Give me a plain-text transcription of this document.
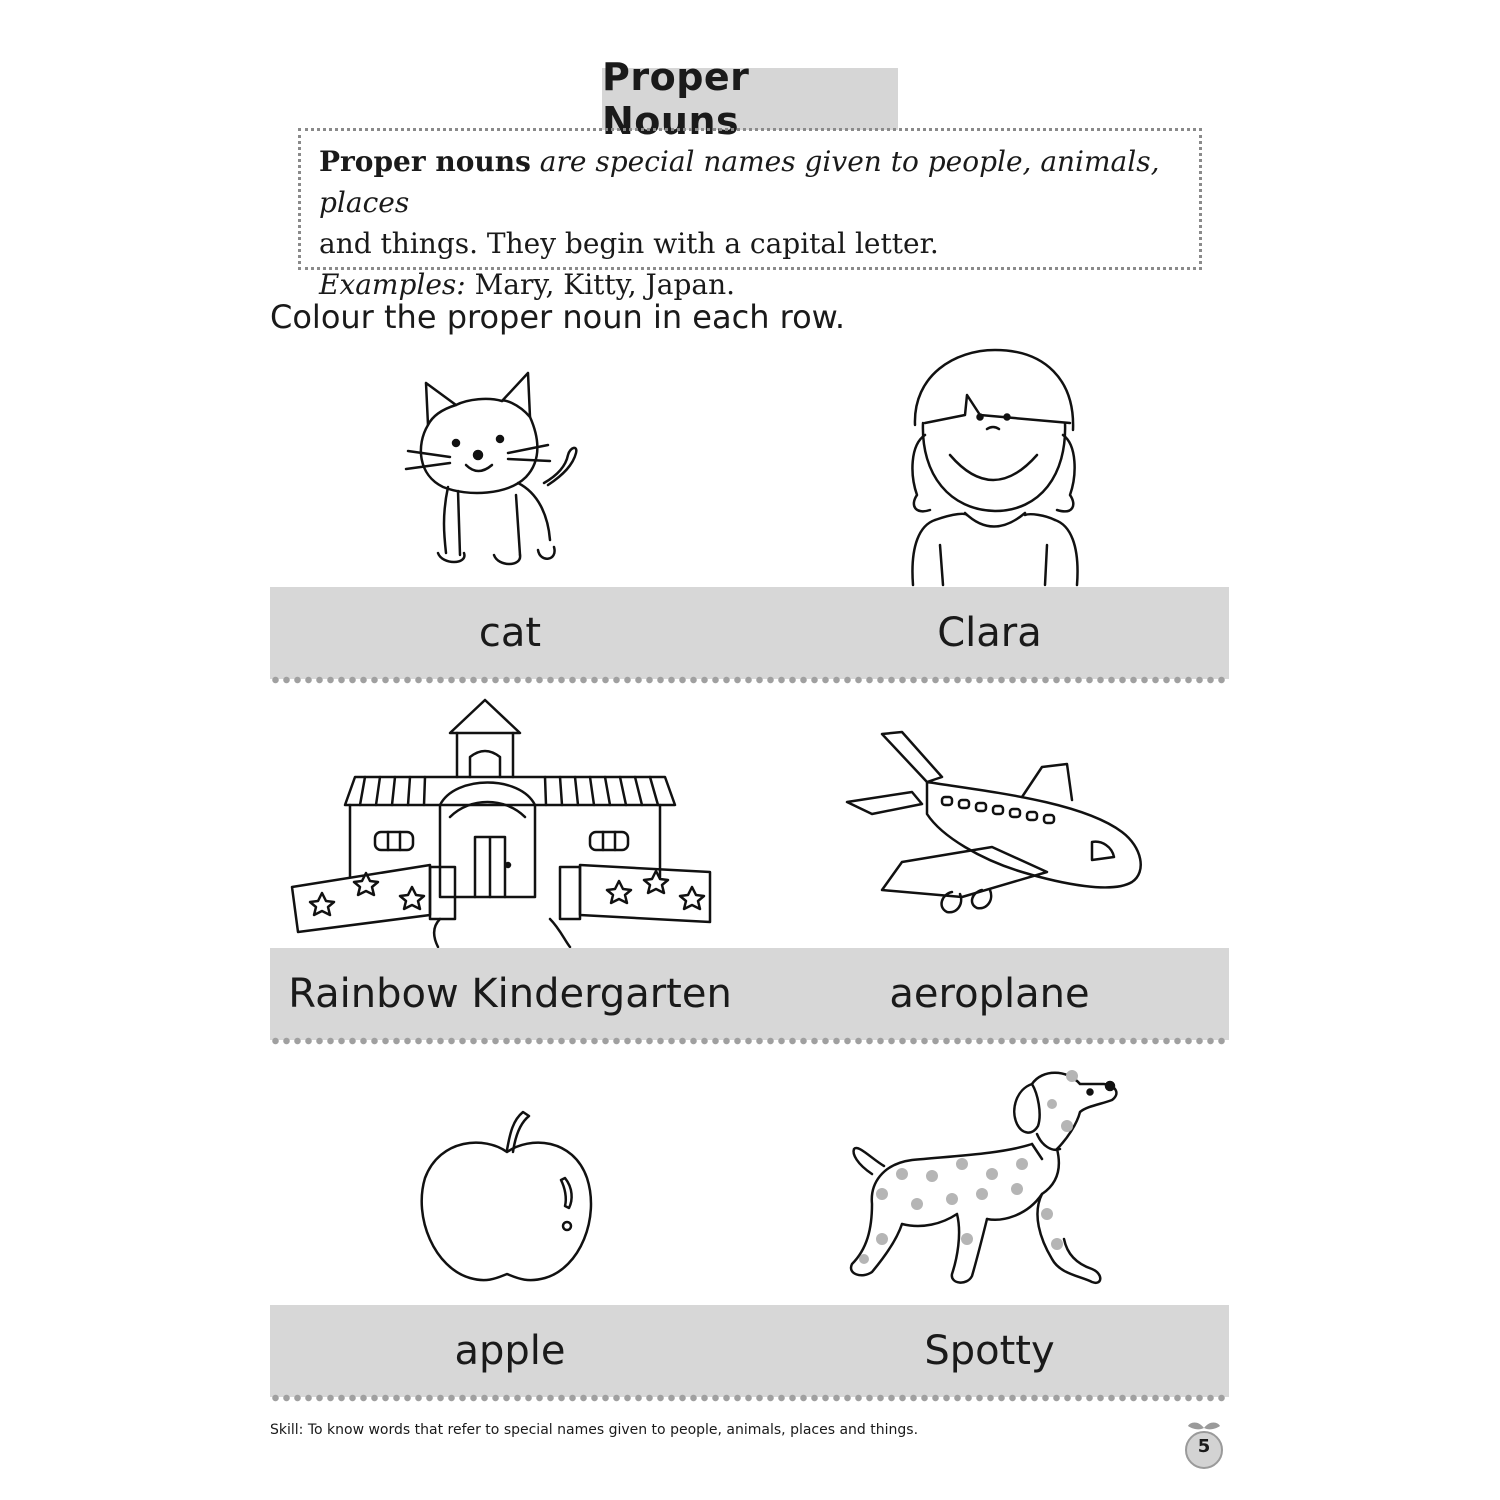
Proper Nouns
Proper nouns are special names given to people, animals, places
and things. They begin with a capital letter.
Examples: Mary, Kitty, Japan.
Colour the proper noun in each row.
cat	Clara
Rainbow Kindergarten	aeroplane
apple	Spotty
Skill: To know words that refer to special names given to people, animals, places and things.
5
